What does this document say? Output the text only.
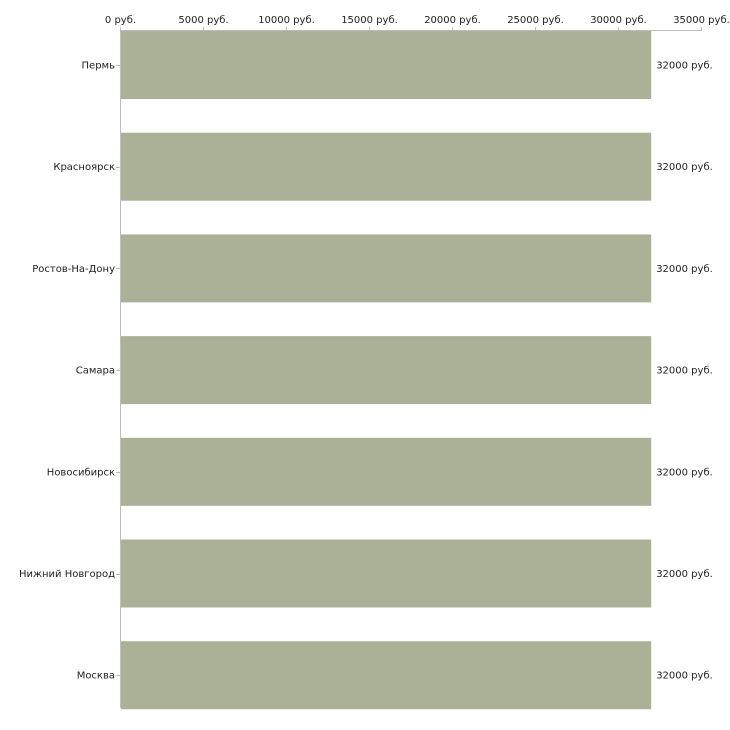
0 руб.	5000 руб.	10000 руб.	15000 руб.	20000 руб.	25000 руб.	30000 руб.	35000 руб.
Пермь
Красноярск
Ростов-На-Дону
Самара
Новосибирск
Нижний Новгород
Москва
32000 руб.
32000 руб.
32000 руб.
32000 руб.
32000 руб.
32000 руб.
32000 руб.
